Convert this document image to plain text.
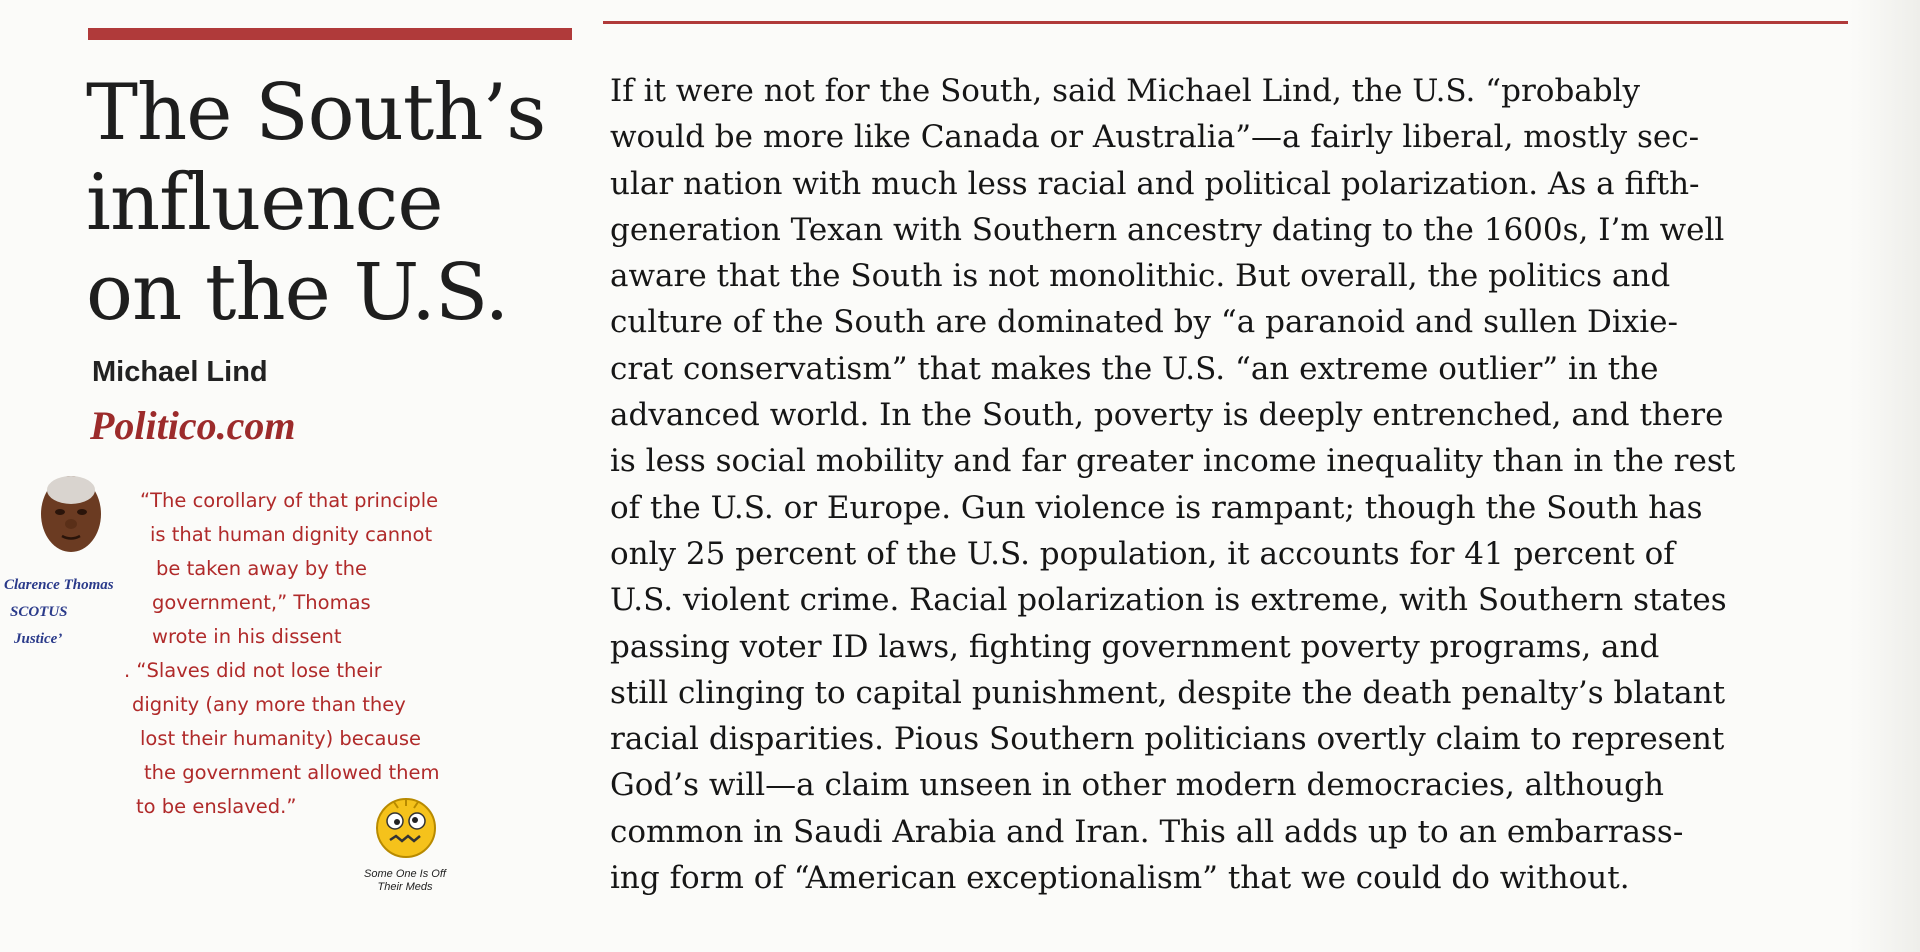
The South’s
influence
on the U.S.
Michael Lind
Politico.com
Clarence Thomas
SCOTUS
Justice’
“The corollary of that principle
is that human dignity cannot
be taken away by the
government,” Thomas
wrote in his dissent
. “Slaves did not lose their
dignity (any more than they
lost their humanity) because
the government allowed them
to be enslaved.”
Some One Is Off
Their Meds
If it were not for the South, said Michael Lind, the U.S. “probably
would be more like Canada or Australia”—a fairly liberal, mostly sec-
ular nation with much less racial and political polarization. As a fifth-
generation Texan with Southern ancestry dating to the 1600s, I’m well
aware that the South is not monolithic. But overall, the politics and
culture of the South are dominated by “a paranoid and sullen Dixie-
crat conservatism” that makes the U.S. “an extreme outlier” in the
advanced world. In the South, poverty is deeply entrenched, and there
is less social mobility and far greater income inequality than in the rest
of the U.S. or Europe. Gun violence is rampant; though the South has
only 25 percent of the U.S. population, it accounts for 41 percent of
U.S. violent crime. Racial polarization is extreme, with Southern states
passing voter ID laws, fighting government poverty programs, and
still clinging to capital punishment, despite the death penalty’s blatant
racial disparities. Pious Southern politicians overtly claim to represent
God’s will—a claim unseen in other modern democracies, although
common in Saudi Arabia and Iran. This all adds up to an embarrass-
ing form of “American exceptionalism” that we could do without.
